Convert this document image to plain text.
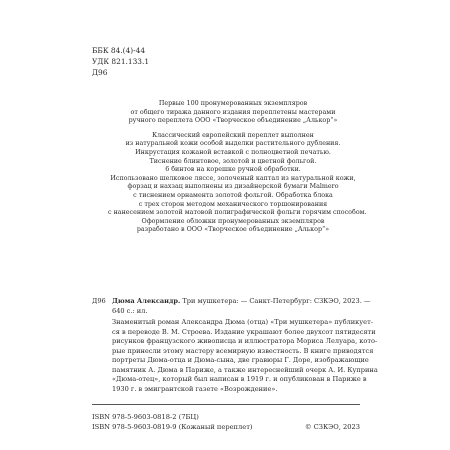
ББК 84.(4)-44
УДК 821.133.1
Д96

Первые 100 пронумерованных экземпляров
от общего тиража данного издания переплетены мастерами
ручного переплета ООО «Творческое объединение „Алькор“»

Классический европейский переплет выполнен
из натуральной кожи особой выделки растительного дубления.
Инкрустация кожаной вставкой с полноцветной печатью.
Тиснение блинтовое, золотой и цветной фольгой.
6 бинтов на корешке ручной обработки.
Использовано шелковое ляссе, золоченый каптал из натуральной кожи,
форзац и нахзац выполнены из дизайнерской бумаги Malmero
с тиснением орнамента золотой фольгой. Обработка блока
с трех сторон методом механического торшонирования
с нанесением золотой матовой полиграфической фольги горячим способом.
Оформление обложки пронумерованных экземпляров
разработано в ООО «Творческое объединение „Алькор“»

Д96 Дюма Александр. Три мушкетера: — Санкт-Петербург: СЗКЭО, 2023. —
640 с.: ил.
Знаменитый роман Александра Дюма (отца) «Три мушкетера» публикует-
ся в переводе В. М. Строева. Издание украшают более двухсот пятидесяти
рисунков французского живописца и иллюстратора Мориса Лелуара, кото-
рые принесли этому мастеру всемирную известность. В книге приводятся
портреты Дюма-отца и Дюма-сына, две гравюры Г. Доре, изображающие
памятник А. Дюма в Париже, а также интереснейший очерк А. И. Куприна
«Дюма-отец», который был написан в 1919 г. и опубликован в Париже в
1930 г. в эмигрантской газете «Возрождение».
ISBN 978-5-9603-0818-2 (7БЦ)
ISBN 978-5-9603-0819-9 (Кожаный переплет)	© СЗКЭО, 2023
